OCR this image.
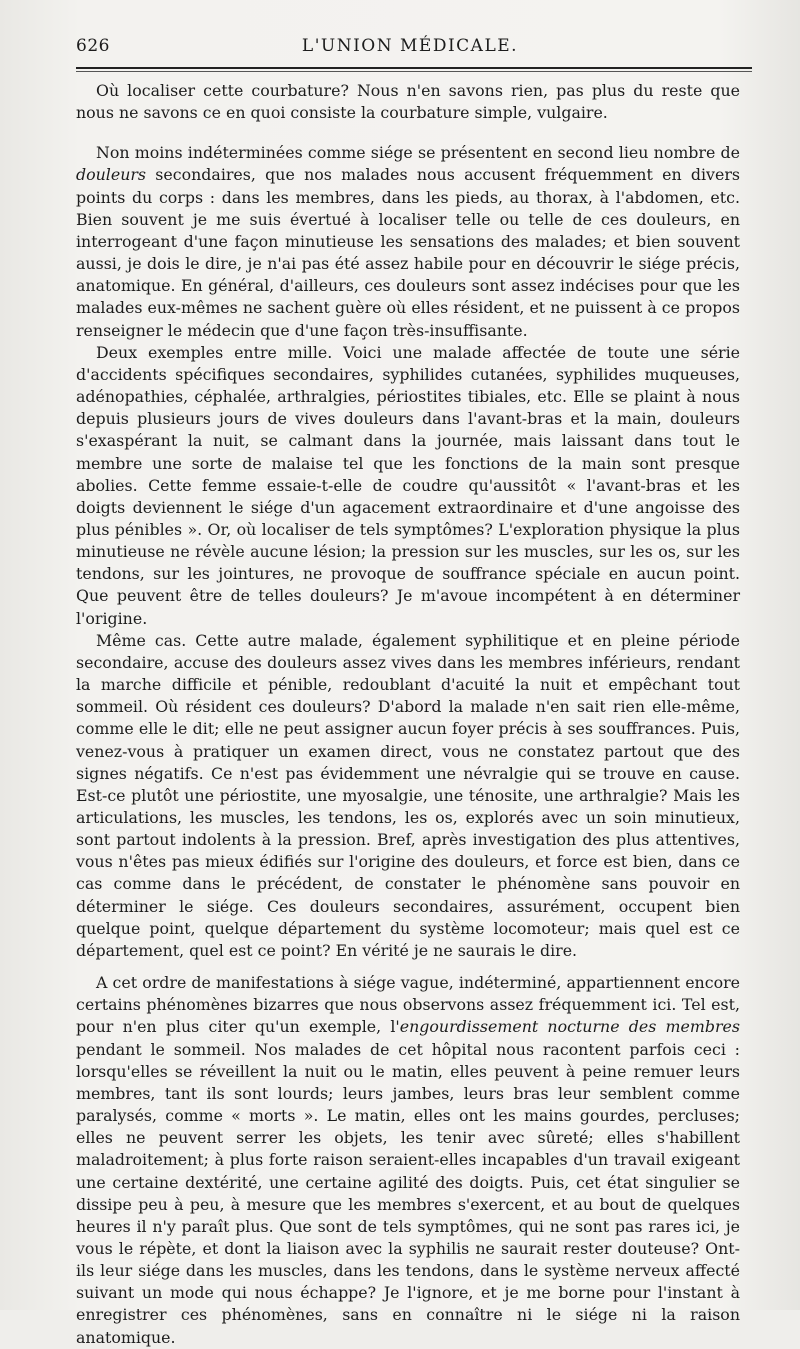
626	L'UNION MÉDICALE.

Où localiser cette courbature? Nous n'en savons rien, pas plus du reste que nous ne savons ce en quoi consiste la courbature simple, vulgaire.

Non moins indéterminées comme siége se présentent en second lieu nombre de douleurs secondaires, que nos malades nous accusent fréquemment en divers points du corps : dans les membres, dans les pieds, au thorax, à l'abdomen, etc. Bien souvent je me suis évertué à localiser telle ou telle de ces douleurs, en interrogeant d'une façon minutieuse les sensations des malades; et bien souvent aussi, je dois le dire, je n'ai pas été assez habile pour en découvrir le siége précis, anatomique. En général, d'ailleurs, ces douleurs sont assez indécises pour que les malades eux-mêmes ne sachent guère où elles résident, et ne puissent à ce propos renseigner le médecin que d'une façon très-insuffisante.

Deux exemples entre mille. Voici une malade affectée de toute une série d'accidents spécifiques secondaires, syphilides cutanées, syphilides muqueuses, adénopathies, céphalée, arthralgies, périostites tibiales, etc. Elle se plaint à nous depuis plusieurs jours de vives douleurs dans l'avant-bras et la main, douleurs s'exaspérant la nuit, se calmant dans la journée, mais laissant dans tout le membre une sorte de malaise tel que les fonctions de la main sont presque abolies. Cette femme essaie-t-elle de coudre qu'aussitôt « l'avant-bras et les doigts deviennent le siége d'un agacement extraordinaire et d'une angoisse des plus pénibles ». Or, où localiser de tels symptômes? L'exploration physique la plus minutieuse ne révèle aucune lésion; la pression sur les muscles, sur les os, sur les tendons, sur les jointures, ne provoque de souffrance spéciale en aucun point. Que peuvent être de telles douleurs? Je m'avoue incompétent à en déterminer l'origine.

Même cas. Cette autre malade, également syphilitique et en pleine période secondaire, accuse des douleurs assez vives dans les membres inférieurs, rendant la marche difficile et pénible, redoublant d'acuité la nuit et empêchant tout sommeil. Où résident ces douleurs? D'abord la malade n'en sait rien elle-même, comme elle le dit; elle ne peut assigner aucun foyer précis à ses souffrances. Puis, venez-vous à pratiquer un examen direct, vous ne constatez partout que des signes négatifs. Ce n'est pas évidemment une névralgie qui se trouve en cause. Est-ce plutôt une périostite, une myosalgie, une ténosite, une arthralgie? Mais les articulations, les muscles, les tendons, les os, explorés avec un soin minutieux, sont partout indolents à la pression. Bref, après investigation des plus attentives, vous n'êtes pas mieux édifiés sur l'origine des douleurs, et force est bien, dans ce cas comme dans le précédent, de constater le phénomène sans pouvoir en déterminer le siége. Ces douleurs secondaires, assurément, occupent bien quelque point, quelque département du système locomoteur; mais quel est ce département, quel est ce point? En vérité je ne saurais le dire.

A cet ordre de manifestations à siége vague, indéterminé, appartiennent encore certains phénomènes bizarres que nous observons assez fréquemment ici. Tel est, pour n'en plus citer qu'un exemple, l'engourdissement nocturne des membres pendant le sommeil. Nos malades de cet hôpital nous racontent parfois ceci : lorsqu'elles se réveillent la nuit ou le matin, elles peuvent à peine remuer leurs membres, tant ils sont lourds; leurs jambes, leurs bras leur semblent comme paralysés, comme « morts ». Le matin, elles ont les mains gourdes, percluses; elles ne peuvent serrer les objets, les tenir avec sûreté; elles s'habillent maladroitement; à plus forte raison seraient-elles incapables d'un travail exigeant une certaine dextérité, une certaine agilité des doigts. Puis, cet état singulier se dissipe peu à peu, à mesure que les membres s'exercent, et au bout de quelques heures il n'y paraît plus. Que sont de tels symptômes, qui ne sont pas rares ici, je vous le répète, et dont la liaison avec la syphilis ne saurait rester douteuse? Ont-ils leur siége dans les muscles, dans les tendons, dans le système nerveux affecté suivant un mode qui nous échappe? Je l'ignore, et je me borne pour l'instant à enregistrer ces phénomènes, sans en connaître ni le siége ni la raison anatomique.
